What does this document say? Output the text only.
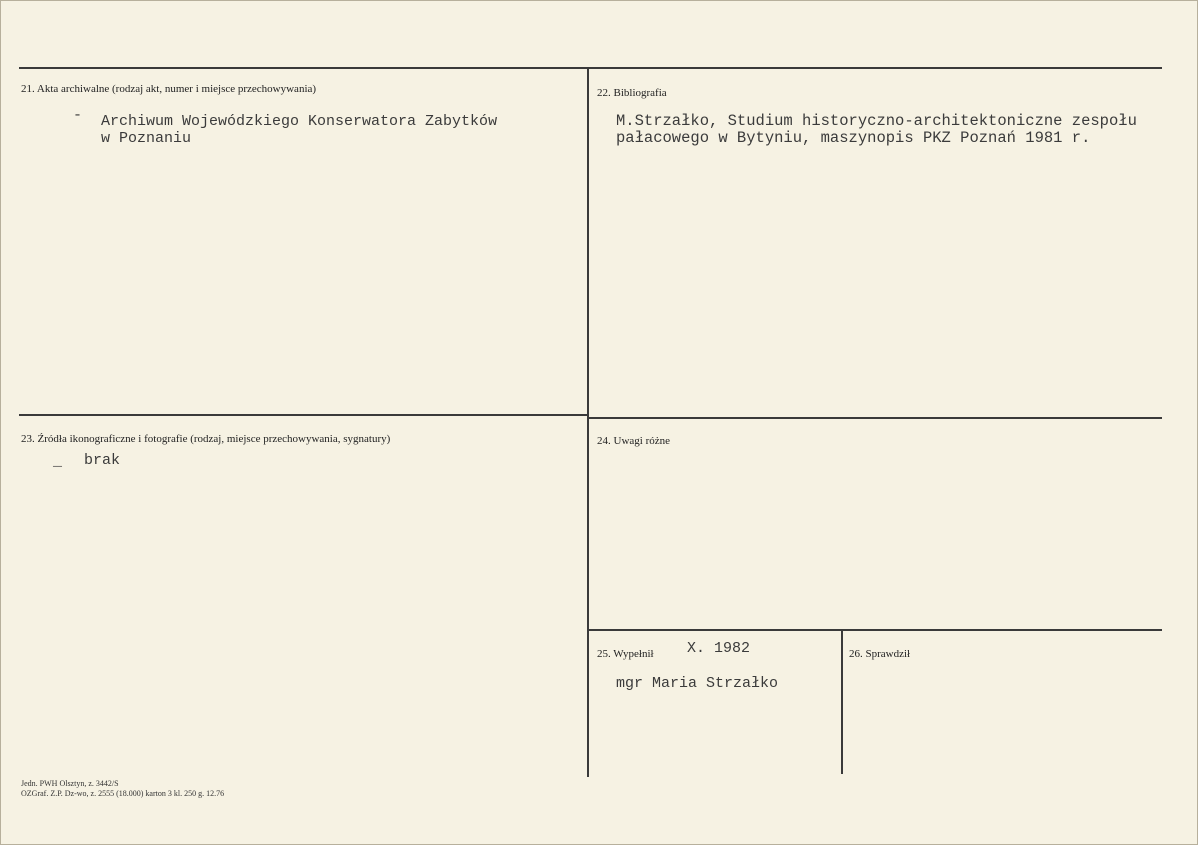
21. Akta archiwalne (rodzaj akt, numer i miejsce przechowywania)
- Archiwum Wojewódzkiego Konserwatora Zabytków
w Poznaniu
22. Bibliografia
M.Strzałko, Studium historyczno-architektoniczne zespołu
pałacowego w Bytyniu, maszynopis PKZ Poznań 1981 r.
23. Źródła ikonograficzne i fotografie (rodzaj, miejsce przechowywania, sygnatury)
_ brak
24. Uwagi różne
25. Wypełnił X. 1982
mgr Maria Strzałko
26. Sprawdził
Jedn. PWH Olsztyn, z. 3442/S
OZGraf. Z.P. Dz-wo, z. 2555 (18.000) karton 3 kl. 250 g. 12.76
